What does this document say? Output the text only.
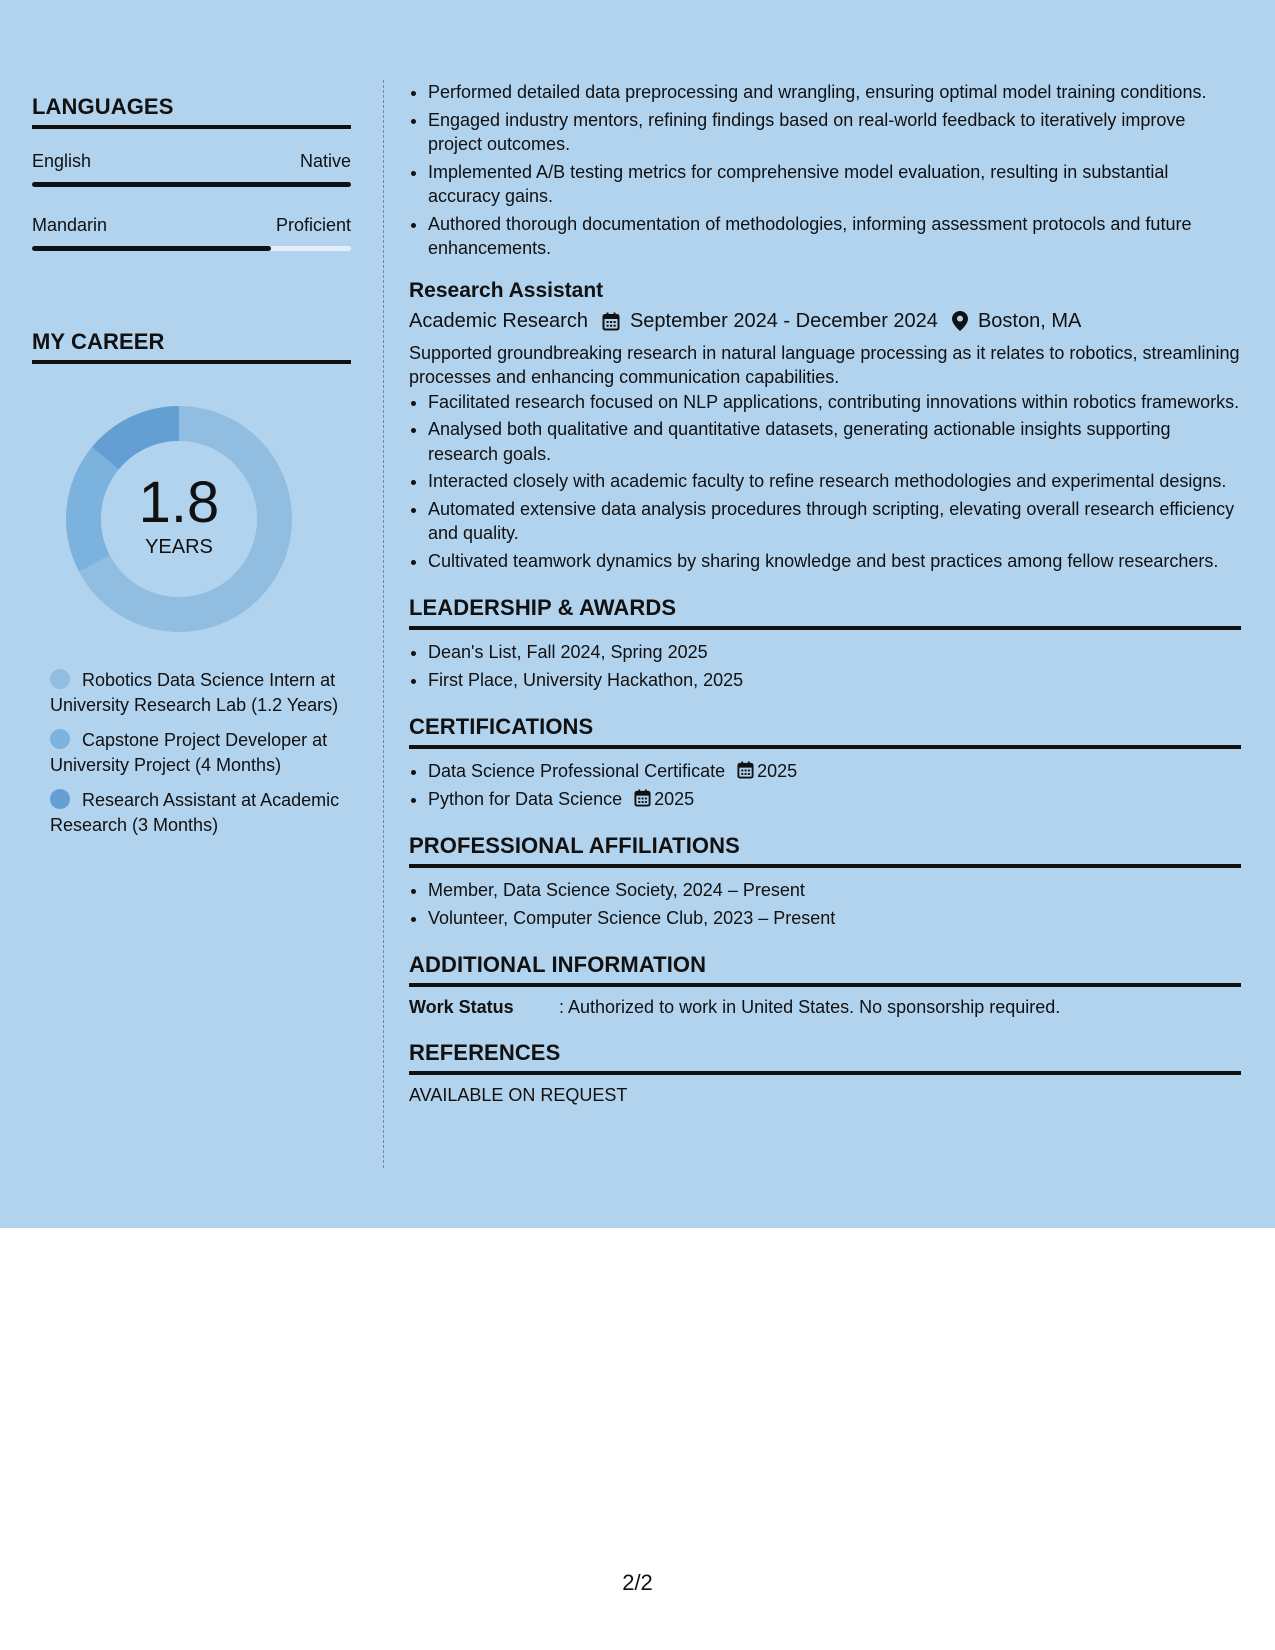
LANGUAGES
English	Native
Mandarin	Proficient
MY CAREER
1.8
YEARS
Robotics Data Science Intern at University Research Lab (1.2 Years)
Capstone Project Developer at University Project (4 Months)
Research Assistant at Academic Research (3 Months)
• Performed detailed data preprocessing and wrangling, ensuring optimal model training conditions.
• Engaged industry mentors, refining findings based on real-world feedback to iteratively improve project outcomes.
• Implemented A/B testing metrics for comprehensive model evaluation, resulting in substantial accuracy gains.
• Authored thorough documentation of methodologies, informing assessment protocols and future enhancements.
Research Assistant
Academic Research September 2024 - December 2024 Boston, MA
Supported groundbreaking research in natural language processing as it relates to robotics, streamlining processes and enhancing communication capabilities.
• Facilitated research focused on NLP applications, contributing innovations within robotics frameworks.
• Analysed both qualitative and quantitative datasets, generating actionable insights supporting research goals.
• Interacted closely with academic faculty to refine research methodologies and experimental designs.
• Automated extensive data analysis procedures through scripting, elevating overall research efficiency and quality.
• Cultivated teamwork dynamics by sharing knowledge and best practices among fellow researchers.
LEADERSHIP & AWARDS
• Dean's List, Fall 2024, Spring 2025
• First Place, University Hackathon, 2025
CERTIFICATIONS
• Data Science Professional Certificate 2025
• Python for Data Science 2025
PROFESSIONAL AFFILIATIONS
• Member, Data Science Society, 2024 – Present
• Volunteer, Computer Science Club, 2023 – Present
ADDITIONAL INFORMATION
Work Status	: Authorized to work in United States. No sponsorship required.
REFERENCES
AVAILABLE ON REQUEST
2/2
